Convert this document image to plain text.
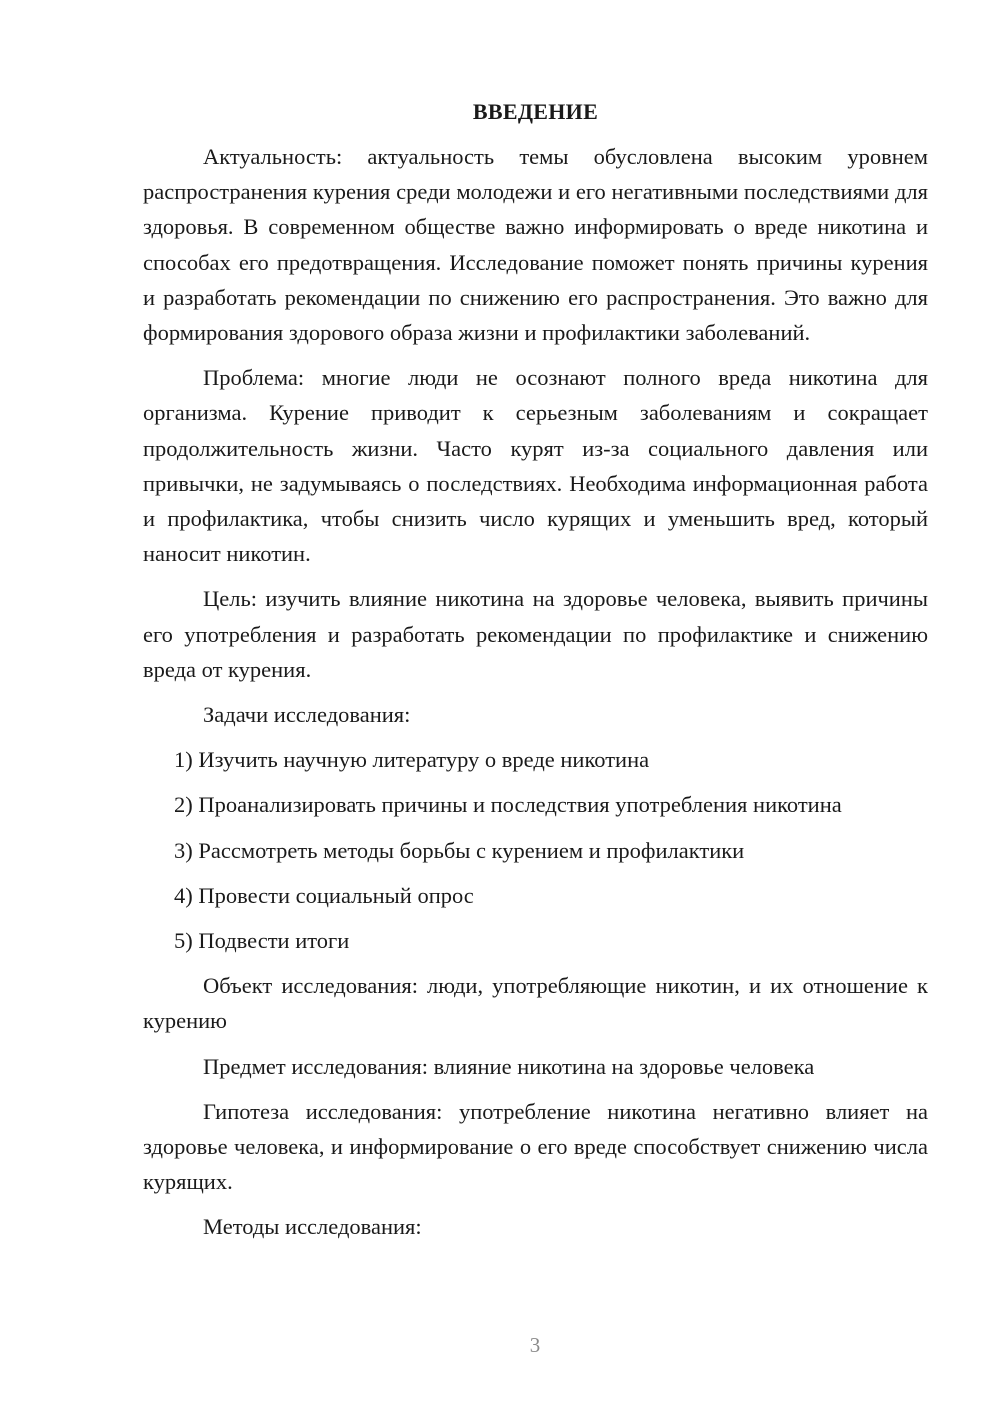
ВВЕДЕНИЕ

Актуальность: актуальность темы обусловлена высоким уровнем распространения курения среди молодежи и его негативными последствиями для здоровья. В современном обществе важно информировать о вреде никотина и способах его предотвращения. Исследование поможет понять причины курения и разработать рекомендации по снижению его распространения. Это важно для формирования здорового образа жизни и профилактики заболеваний.

Проблема: многие люди не осознают полного вреда никотина для организма. Курение приводит к серьезным заболеваниям и сокращает продолжительность жизни. Часто курят из-за социального давления или привычки, не задумываясь о последствиях. Необходима информационная работа и профилактика, чтобы снизить число курящих и уменьшить вред, который наносит никотин.

Цель: изучить влияние никотина на здоровье человека, выявить причины его употребления и разработать рекомендации по профилактике и снижению вреда от курения.

Задачи исследования:

1) Изучить научную литературу о вреде никотина
2) Проанализировать причины и последствия употребления никотина
3) Рассмотреть методы борьбы с курением и профилактики
4) Провести социальный опрос
5) Подвести итоги

Объект исследования: люди, употребляющие никотин, и их отношение к курению

Предмет исследования: влияние никотина на здоровье человека

Гипотеза исследования: употребление никотина негативно влияет на здоровье человека, и информирование о его вреде способствует снижению числа курящих.

Методы исследования:

3
